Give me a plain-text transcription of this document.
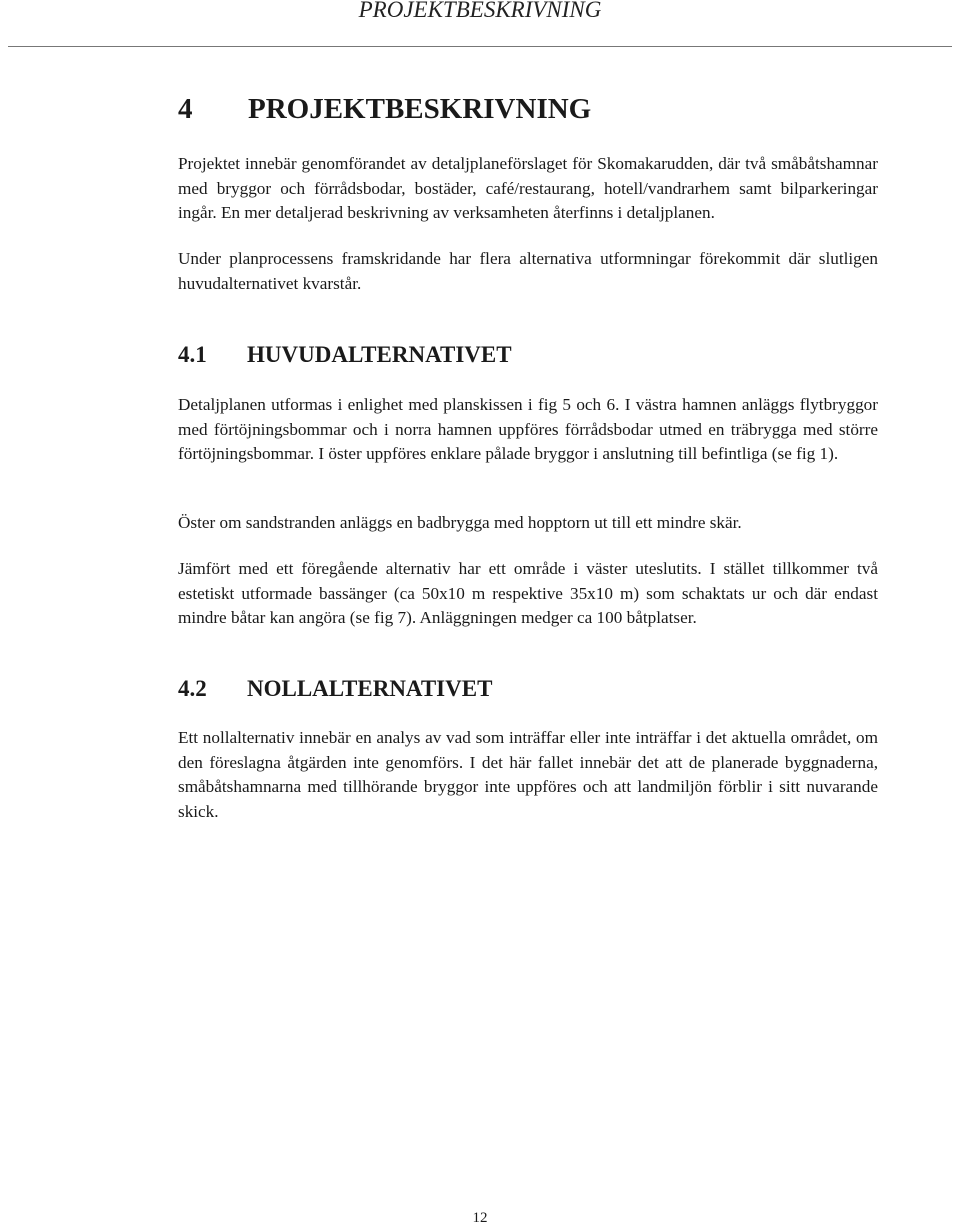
PROJEKTBESKRIVNING
4 PROJEKTBESKRIVNING

Projektet innebär genomförandet av detaljplaneförslaget för Skomakarudden, där två småbåtshamnar med bryggor och förrådsbodar, bostäder, café/restaurang, hotell/vandrarhem samt bilparkeringar ingår. En mer detaljerad beskrivning av verksamheten återfinns i detaljplanen.

Under planprocessens framskridande har flera alternativa utformningar förekommit där slutligen huvudalternativet kvarstår.

4.1 HUVUDALTERNATIVET

Detaljplanen utformas i enlighet med planskissen i fig 5 och 6. I västra hamnen anläggs flytbryggor med förtöjningsbommar och i norra hamnen uppföres förrådsbodar utmed en träbrygga med större förtöjningsbommar. I öster uppföres enklare pålade bryggor i anslutning till befintliga (se fig 1).

Öster om sandstranden anläggs en badbrygga med hopptorn ut till ett mindre skär.

Jämfört med ett föregående alternativ har ett område i väster uteslutits. I stället tillkommer två estetiskt utformade bassänger (ca 50x10 m respektive 35x10 m) som schaktats ur och där endast mindre båtar kan angöra (se fig 7). Anläggningen medger ca 100 båtplatser.

4.2 NOLLALTERNATIVET

Ett nollalternativ innebär en analys av vad som inträffar eller inte inträffar i det aktuella området, om den föreslagna åtgärden inte genomförs. I det här fallet innebär det att de planerade byggnaderna, småbåtshamnarna med tillhörande bryggor inte uppföres och att landmiljön förblir i sitt nuvarande skick.

12
